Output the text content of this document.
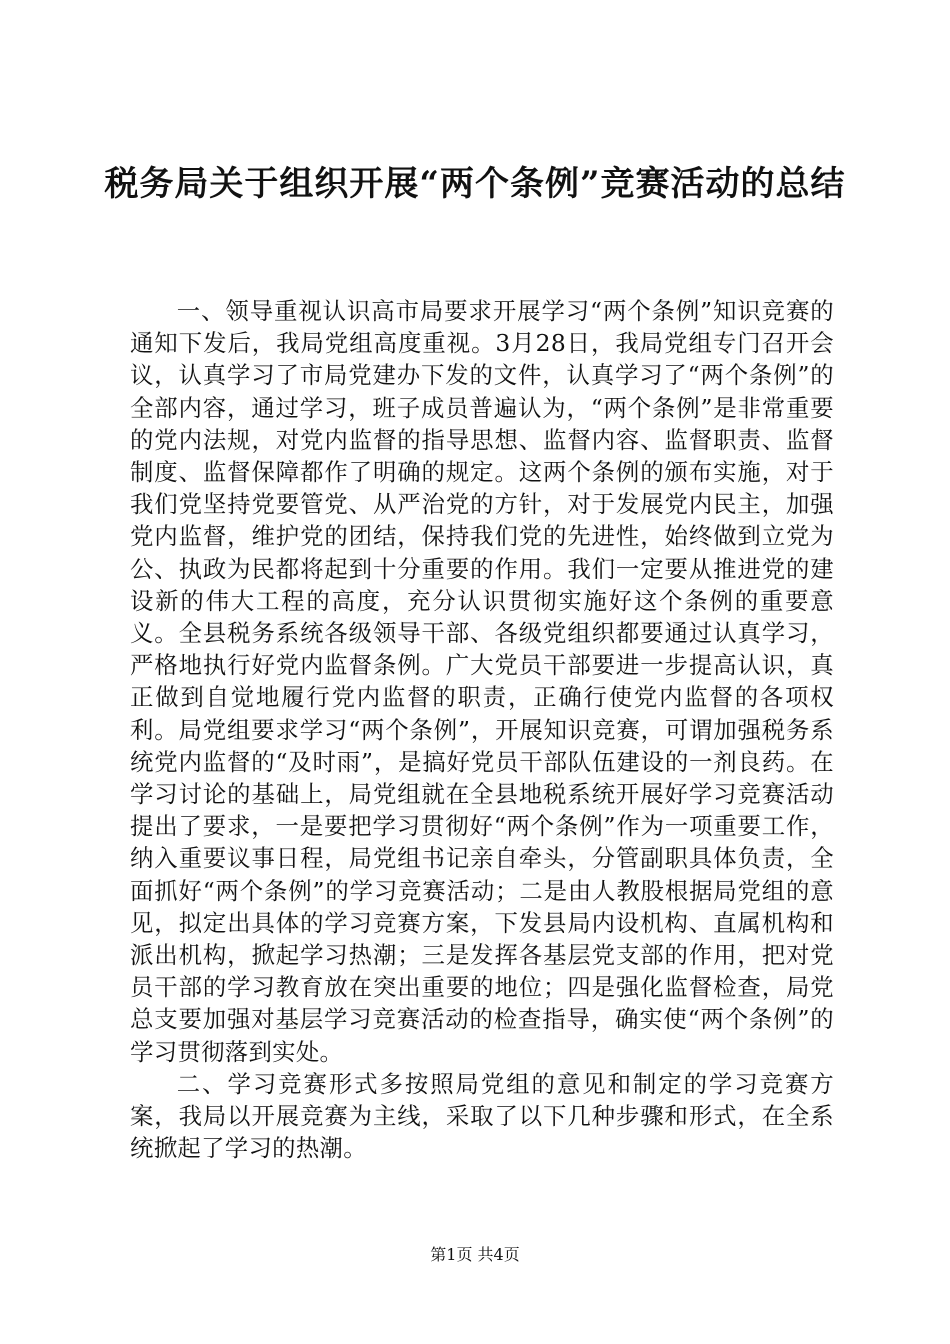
税务局关于组织开展“两个条例”竞赛活动的总结

一、领导重视认识高市局要求开展学习“两个条例”知识竞赛的通知下发后，我局党组高度重视。3月28日，我局党组专门召开会议，认真学习了市局党建办下发的文件，认真学习了“两个条例”的全部内容，通过学习，班子成员普遍认为，“两个条例”是非常重要的党内法规，对党内监督的指导思想、监督内容、监督职责、监督制度、监督保障都作了明确的规定。这两个条例的颁布实施，对于我们党坚持党要管党、从严治党的方针，对于发展党内民主，加强党内监督，维护党的团结，保持我们党的先进性，始终做到立党为公、执政为民都将起到十分重要的作用。我们一定要从推进党的建设新的伟大工程的高度，充分认识贯彻实施好这个条例的重要意义。全县税务系统各级领导干部、各级党组织都要通过认真学习，严格地执行好党内监督条例。广大党员干部要进一步提高认识，真正做到自觉地履行党内监督的职责，正确行使党内监督的各项权利。局党组要求学习“两个条例”，开展知识竞赛，可谓加强税务系统党内监督的“及时雨”，是搞好党员干部队伍建设的一剂良药。在学习讨论的基础上，局党组就在全县地税系统开展好学习竞赛活动提出了要求，一是要把学习贯彻好“两个条例”作为一项重要工作，纳入重要议事日程，局党组书记亲自牵头，分管副职具体负责，全面抓好“两个条例”的学习竞赛活动；二是由人教股根据局党组的意见，拟定出具体的学习竞赛方案，下发县局内设机构、直属机构和派出机构，掀起学习热潮；三是发挥各基层党支部的作用，把对党员干部的学习教育放在突出重要的地位；四是强化监督检查，局党总支要加强对基层学习竞赛活动的检查指导，确实使“两个条例”的学习贯彻落到实处。

二、学习竞赛形式多按照局党组的意见和制定的学习竞赛方案，我局以开展竞赛为主线，采取了以下几种步骤和形式，在全系统掀起了学习的热潮。

第1页 共4页
